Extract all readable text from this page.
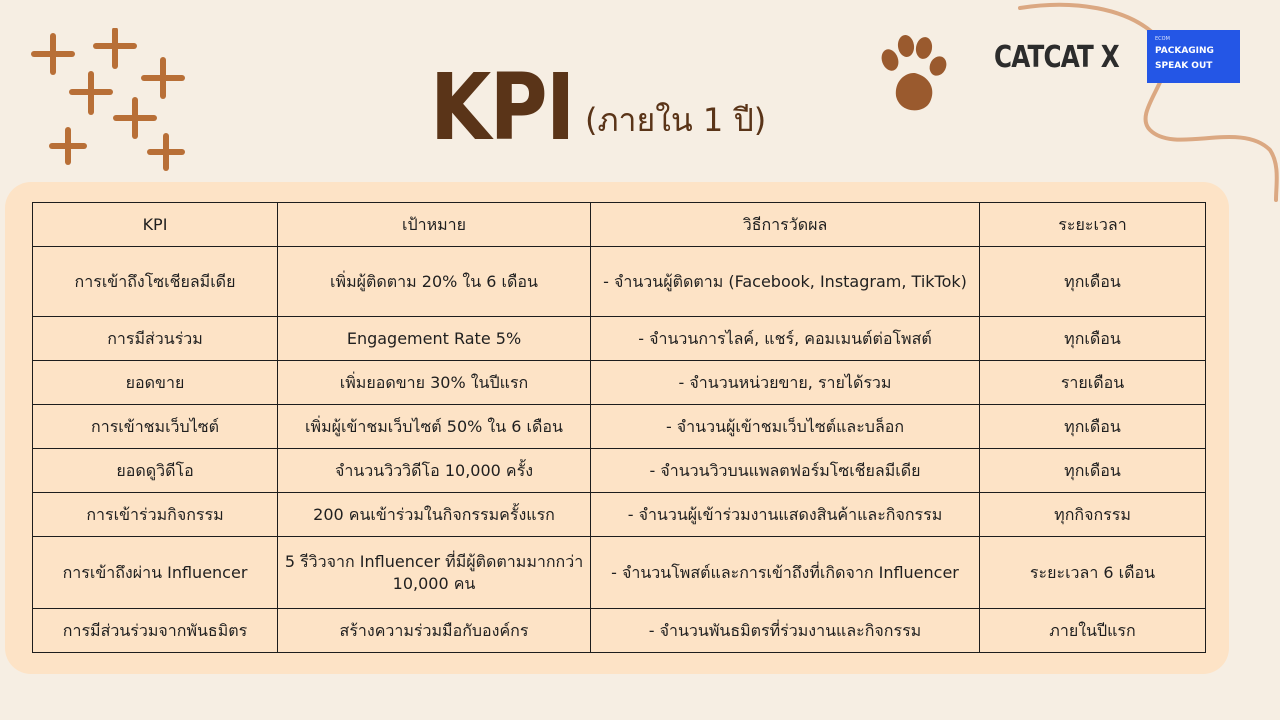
KPI (ภายใน 1 ปี)
CATCAT X
ECOM
PACKAGING
SPEAK OUT
KPI	เป้าหมาย	วิธีการวัดผล	ระยะเวลา
การเข้าถึงโซเชียลมีเดีย	เพิ่มผู้ติดตาม 20% ใน 6 เดือน	- จำนวนผู้ติดตาม (Facebook, Instagram, TikTok)	ทุกเดือน
การมีส่วนร่วม	Engagement Rate 5%	- จำนวนการไลค์, แชร์, คอมเมนต์ต่อโพสต์	ทุกเดือน
ยอดขาย	เพิ่มยอดขาย 30% ในปีแรก	- จำนวนหน่วยขาย, รายได้รวม	รายเดือน
การเข้าชมเว็บไซต์	เพิ่มผู้เข้าชมเว็บไซต์ 50% ใน 6 เดือน	- จำนวนผู้เข้าชมเว็บไซต์และบล็อก	ทุกเดือน
ยอดดูวิดีโอ	จำนวนวิววิดีโอ 10,000 ครั้ง	- จำนวนวิวบนแพลตฟอร์มโซเชียลมีเดีย	ทุกเดือน
การเข้าร่วมกิจกรรม	200 คนเข้าร่วมในกิจกรรมครั้งแรก	- จำนวนผู้เข้าร่วมงานแสดงสินค้าและกิจกรรม	ทุกกิจกรรม
การเข้าถึงผ่าน Influencer	5 รีวิวจาก Influencer ที่มีผู้ติดตามมากกว่า 10,000 คน	- จำนวนโพสต์และการเข้าถึงที่เกิดจาก Influencer	ระยะเวลา 6 เดือน
การมีส่วนร่วมจากพันธมิตร	สร้างความร่วมมือกับองค์กร	- จำนวนพันธมิตรที่ร่วมงานและกิจกรรม	ภายในปีแรก
